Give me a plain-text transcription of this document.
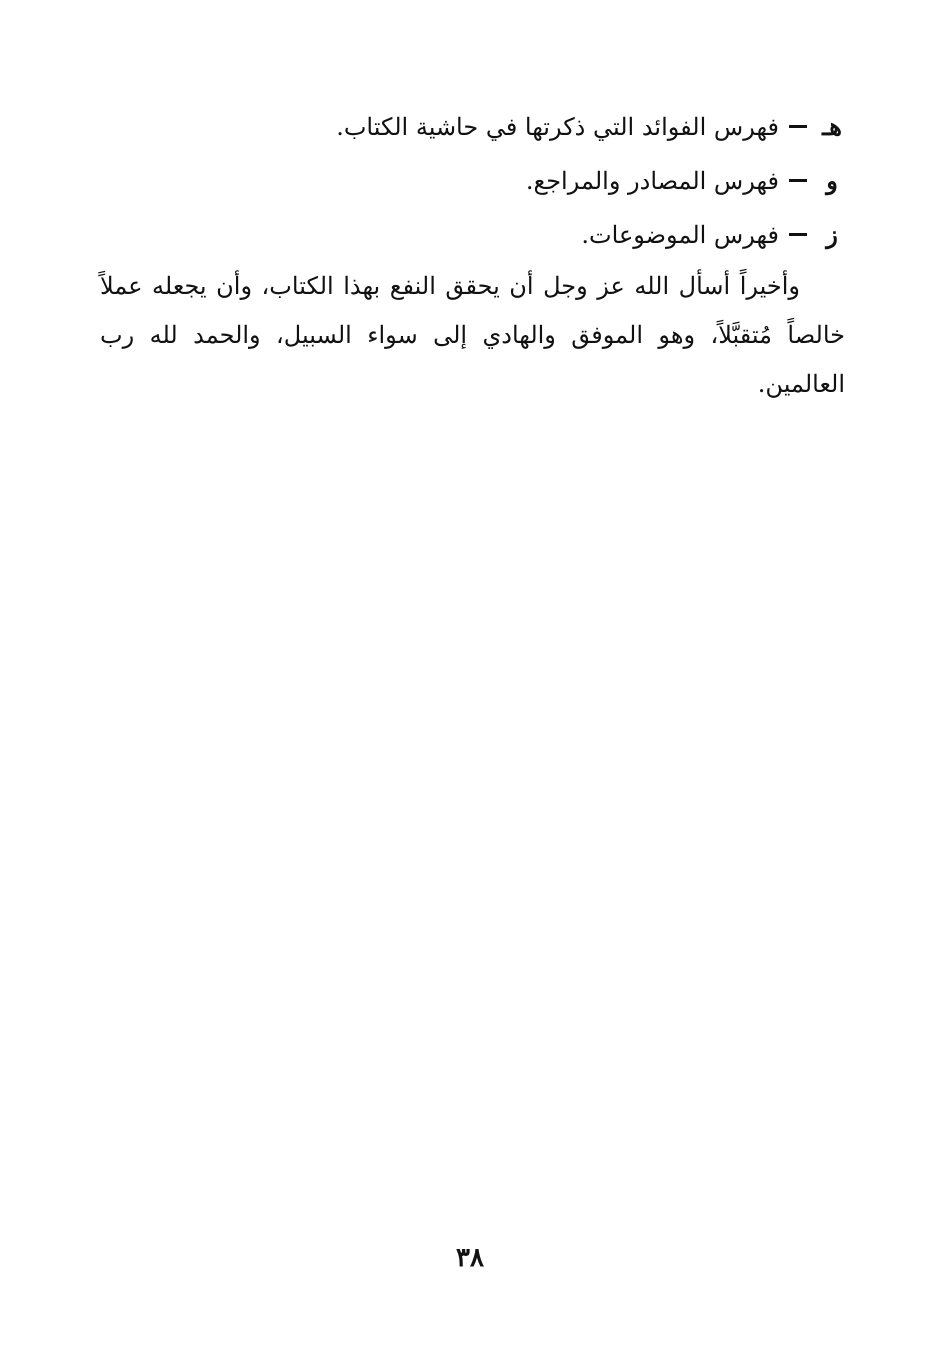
هـ
فهرس الفوائد التي ذكرتها في حاشية الكتاب.
و
فهرس المصادر والمراجع.
ز
فهرس الموضوعات.

وأخيراً أسأل الله عز وجل أن يحقق النفع بهذا الكتاب، وأن يجعله عملاً خالصاً مُتقبَّلاً، وهو الموفق والهادي إلى سواء السبيل، والحمد لله رب العالمين.

٣٨
